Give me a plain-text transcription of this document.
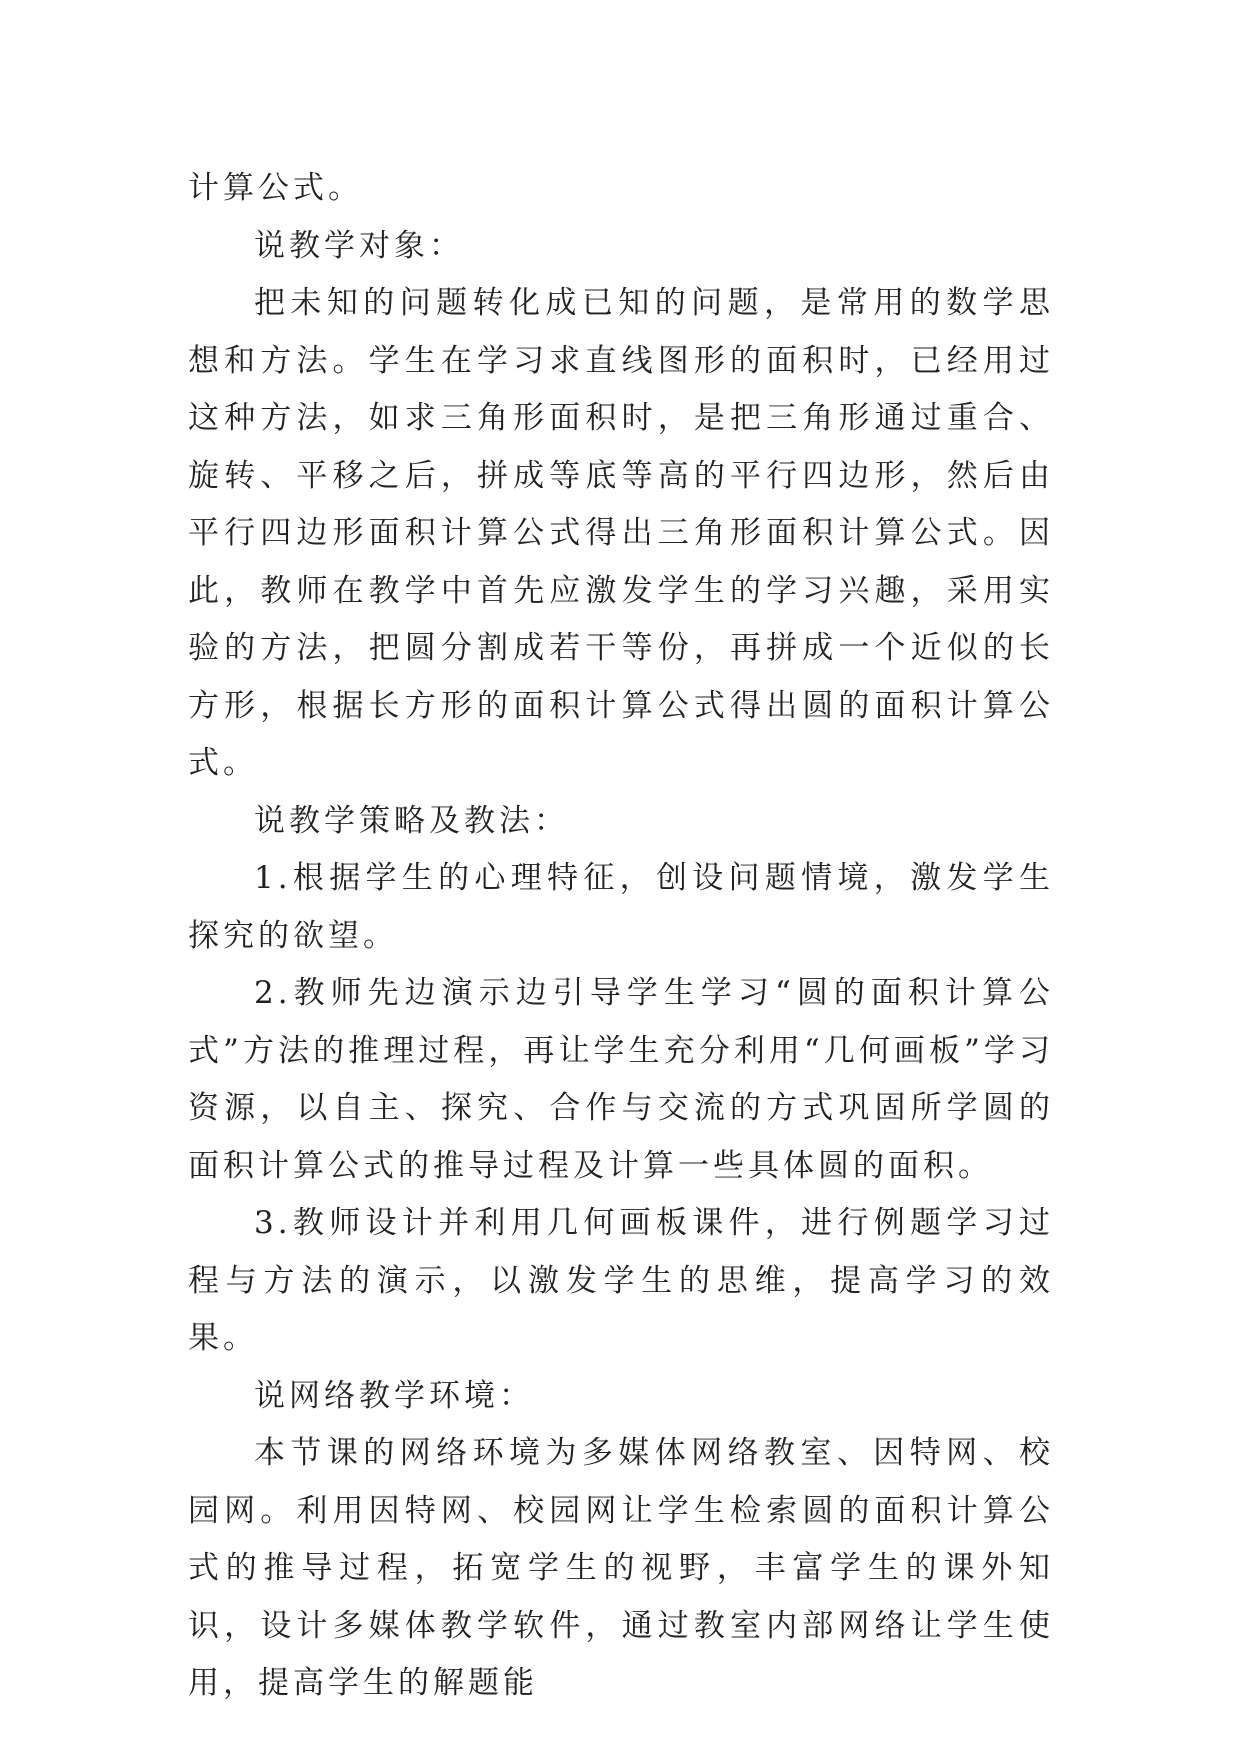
计算公式。

说教学对象：

把未知的问题转化成已知的问题，是常用的数学思想和方法。学生在学习求直线图形的面积时，已经用过这种方法，如求三角形面积时，是把三角形通过重合、旋转、平移之后，拼成等底等高的平行四边形，然后由平行四边形面积计算公式得出三角形面积计算公式。因此，教师在教学中首先应激发学生的学习兴趣，采用实验的方法，把圆分割成若干等份，再拼成一个近似的长方形，根据长方形的面积计算公式得出圆的面积计算公式。

说教学策略及教法：

1.根据学生的心理特征，创设问题情境，激发学生探究的欲望。

2.教师先边演示边引导学生学习“圆的面积计算公式”方法的推理过程，再让学生充分利用“几何画板”学习资源，以自主、探究、合作与交流的方式巩固所学圆的面积计算公式的推导过程及计算一些具体圆的面积。

3.教师设计并利用几何画板课件，进行例题学习过程与方法的演示，以激发学生的思维，提高学习的效果。

说网络教学环境：

本节课的网络环境为多媒体网络教室、因特网、校园网。利用因特网、校园网让学生检索圆的面积计算公式的推导过程，拓宽学生的视野，丰富学生的课外知识，设计多媒体教学软件，通过教室内部网络让学生使用，提高学生的解题能
